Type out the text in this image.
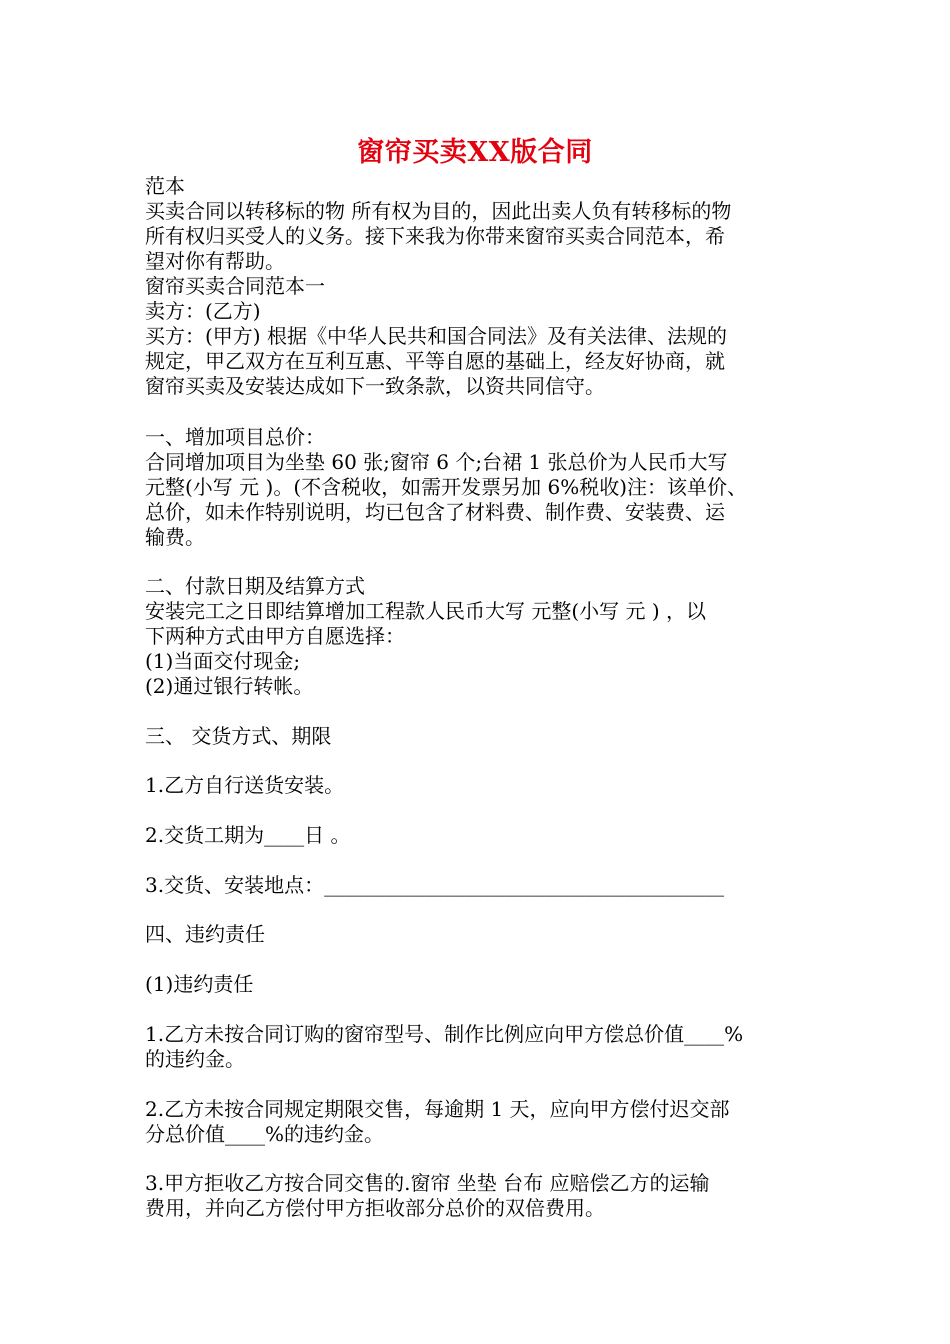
窗帘买卖XX版合同
范本
买卖合同以转移标的物 所有权为目的，因此出卖人负有转移标的物
所有权归买受人的义务。接下来我为你带来窗帘买卖合同范本，希
望对你有帮助。
窗帘买卖合同范本一
卖方：(乙方)
买方：(甲方) 根据《中华人民共和国合同法》及有关法律、法规的
规定，甲乙双方在互利互惠、平等自愿的基础上，经友好协商，就
窗帘买卖及安装达成如下一致条款，以资共同信守。
一、增加项目总价：
合同增加项目为坐垫 60 张;窗帘 6 个;台裙 1 张总价为人民币大写
元整(小写 元 )。(不含税收，如需开发票另加 6%税收)注：该单价、
总价，如未作特别说明，均已包含了材料费、制作费、安装费、运
输费。
二、付款日期及结算方式
安装完工之日即结算增加工程款人民币大写 元整(小写 元 ) ，以
下两种方式由甲方自愿选择：
(1)当面交付现金;
(2)通过银行转帐。
三、 交货方式、期限
1.乙方自行送货安装。
2.交货工期为____日 。
3.交货、安装地点：________________________________________
四、违约责任
(1)违约责任
1.乙方未按合同订购的窗帘型号、制作比例应向甲方偿总价值____%
的违约金。
2.乙方未按合同规定期限交售，每逾期 1 天，应向甲方偿付迟交部
分总价值____%的违约金。
3.甲方拒收乙方按合同交售的.窗帘 坐垫 台布 应赔偿乙方的运输
费用，并向乙方偿付甲方拒收部分总价的双倍费用。
